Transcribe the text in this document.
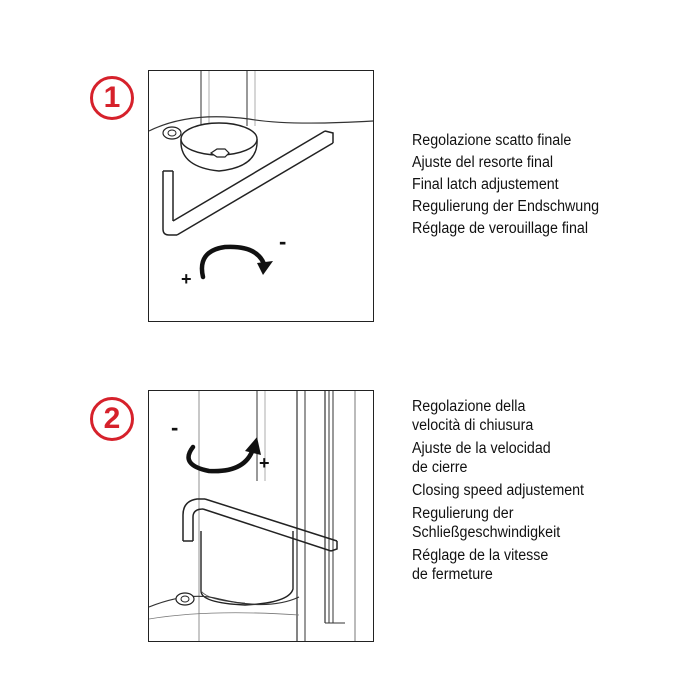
1
+
-
Regolazione scatto finale
Ajuste del resorte final
Final latch adjustement
Regulierung der Endschwung
Réglage de verouillage final
2	-
+
Regolazione della
velocità di chiusura
Ajuste de la velocidad
de cierre
Closing speed adjustement
Regulierung der
Schließgeschwindigkeit
Réglage de la vitesse
de fermeture
